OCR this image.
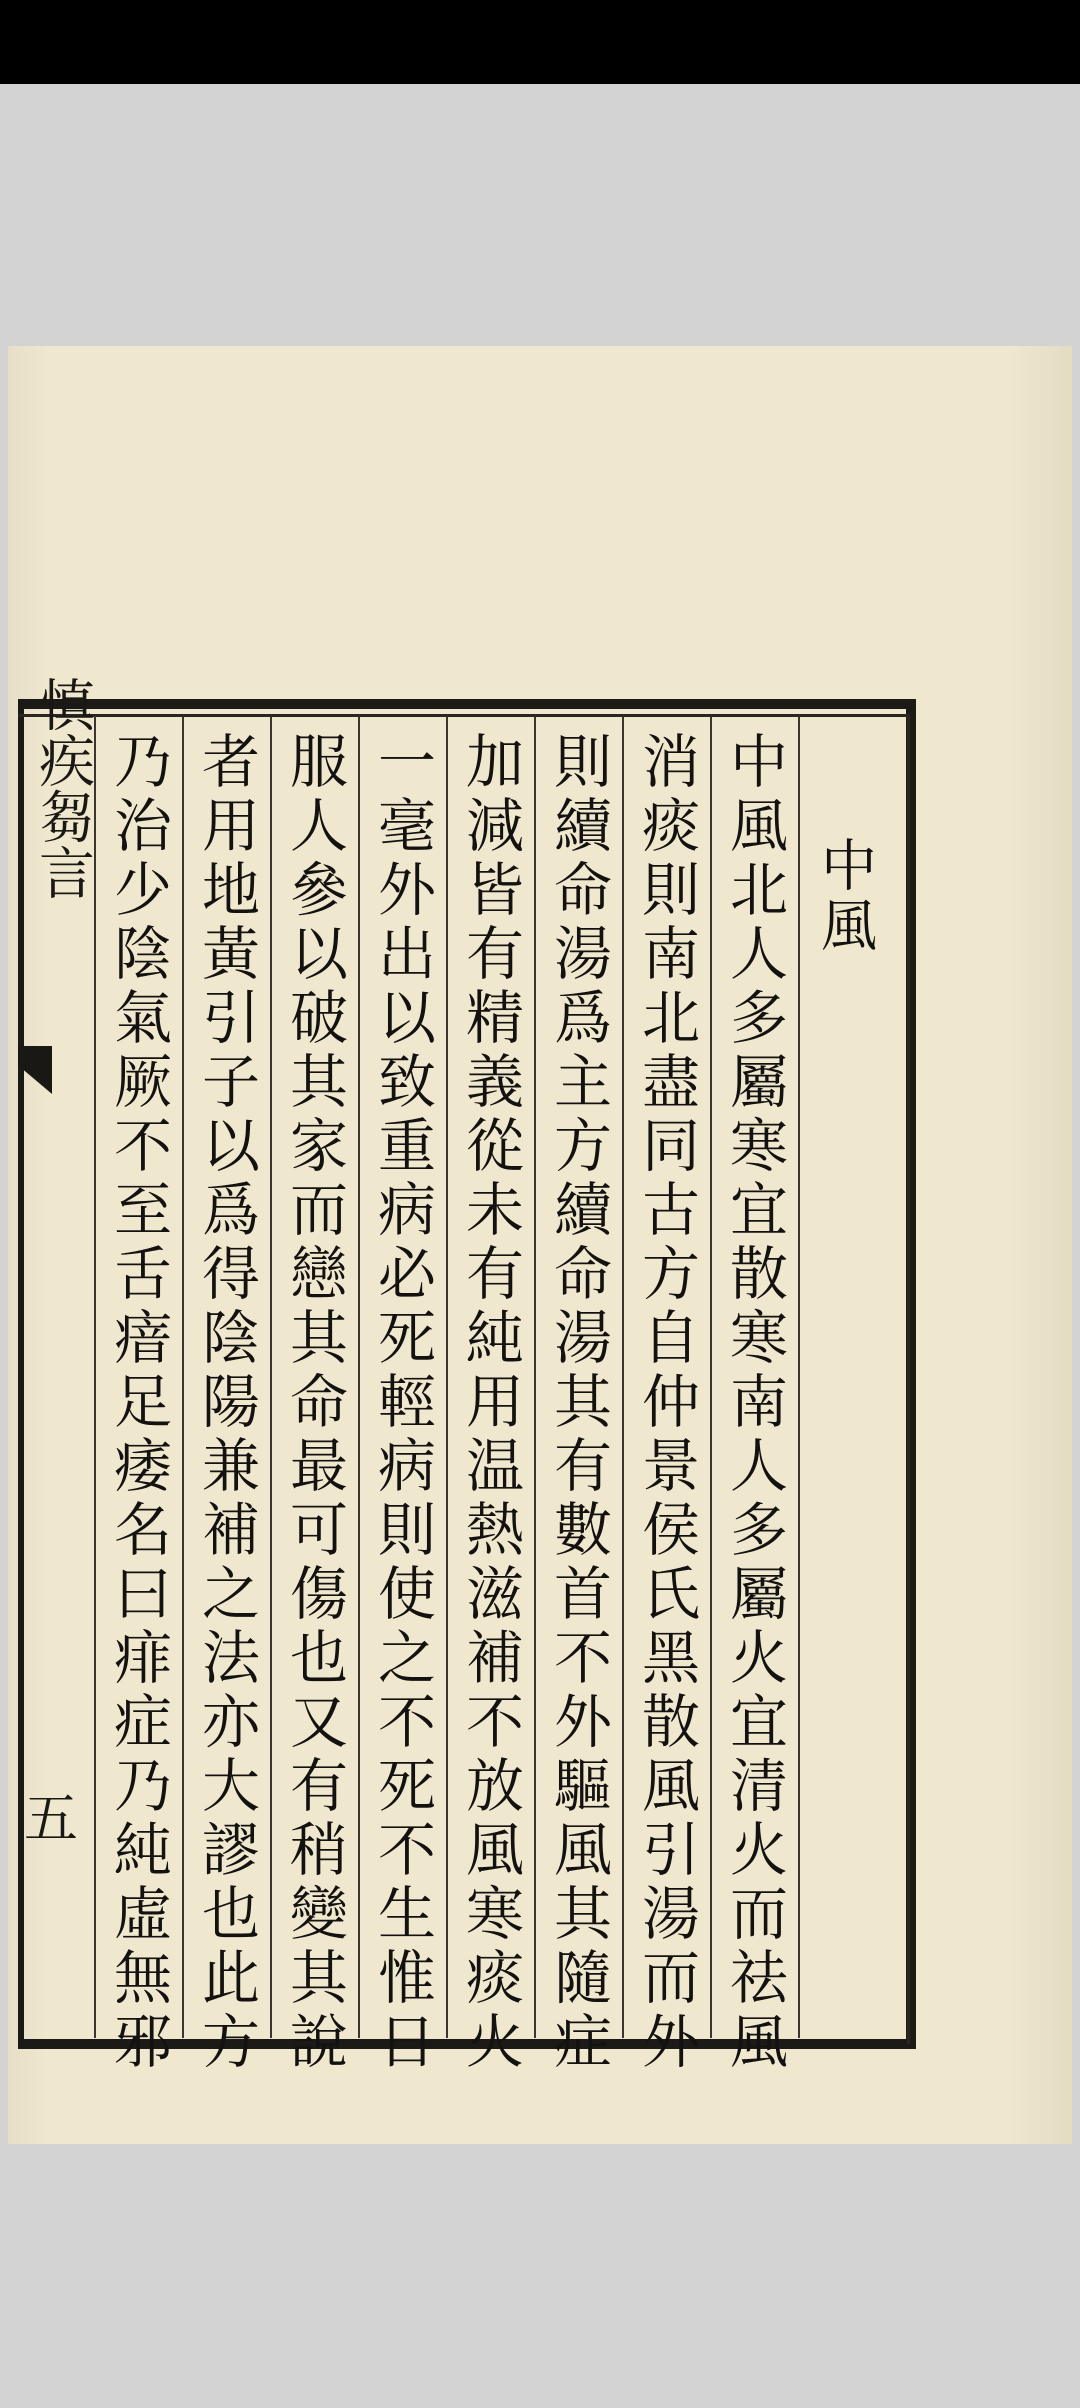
中風
中風北人多屬寒宜散寒南人多屬火宜清火而祛風
消痰則南北盡同古方自仲景侯氏黑散風引湯而外
則續命湯爲主方續命湯其有數首不外驅風其隨症
加減皆有精義從未有純用温熱滋補不放風寒痰火
一毫外出以致重病必死輕病則使之不死不生惟日
服人參以破其家而戀其命最可傷也又有稍變其說
者用地黃引子以爲得陰陽兼補之法亦大謬也此方
乃治少陰氣厥不至舌瘖足痿名曰痱症乃純虛無邪
慎疾芻言
五
